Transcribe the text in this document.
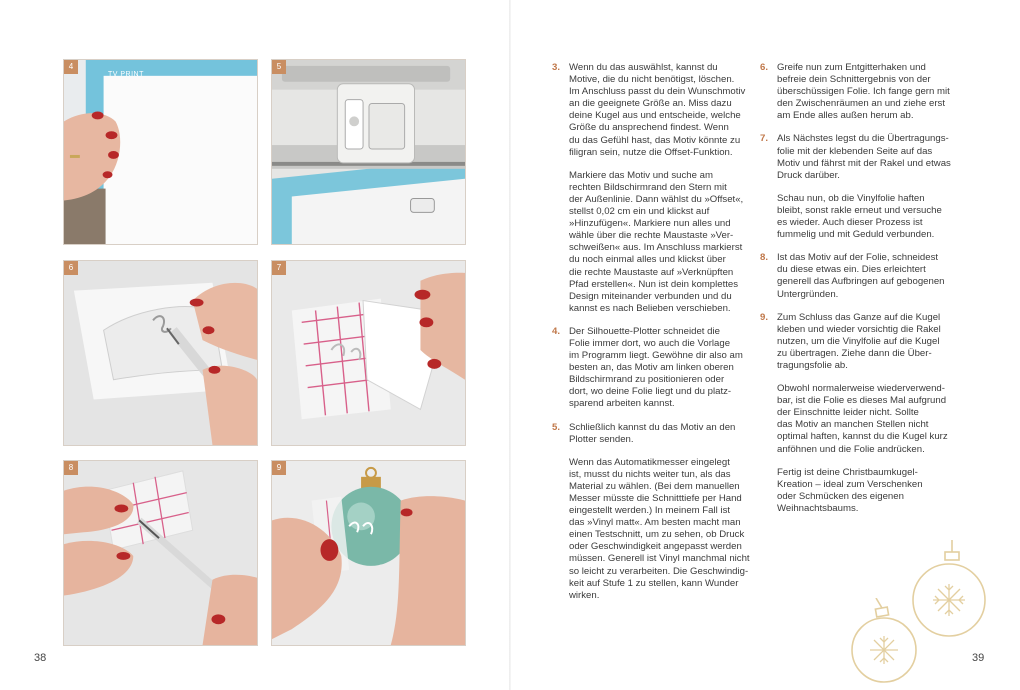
4
TV PRINT
5
6	7
8	9
38	39
3. Wenn du das auswählst, kannst du
Motive, die du nicht benötigst, löschen.
Im Anschluss passt du dein Wunschmotiv
an die geeignete Größe an. Miss dazu
deine Kugel aus und entscheide, welche
Größe du ansprechend findest. Wenn
du das Gefühl hast, das Motiv könnte zu
filigran sein, nutze die Offset-Funktion.
Markiere das Motiv und suche am
rechten Bildschirmrand den Stern mit
der Außenlinie. Dann wählst du »Offset«,
stellst 0,02 cm ein und klickst auf
»Hinzufügen«. Markiere nun alles und
wähle über die rechte Maustaste »Ver-
schweißen« aus. Im Anschluss markierst
du noch einmal alles und klickst über
die rechte Maustaste auf »Verknüpften
Pfad erstellen«. Nun ist dein komplettes
Design miteinander verbunden und du
kannst es nach Belieben verschieben.
4. Der Silhouette-Plotter schneidet die
Folie immer dort, wo auch die Vorlage
im Programm liegt. Gewöhne dir also am
besten an, das Motiv am linken oberen
Bildschirmrand zu positionieren oder
dort, wo deine Folie liegt und du platz-
sparend arbeiten kannst.
5. Schließlich kannst du das Motiv an den
Plotter senden.
Wenn das Automatikmesser eingelegt
ist, musst du nichts weiter tun, als das
Material zu wählen. (Bei dem manuellen
Messer müsste die Schnitttiefe per Hand
eingestellt werden.) In meinem Fall ist
das »Vinyl matt«. Am besten macht man
einen Testschnitt, um zu sehen, ob Druck
oder Geschwindigkeit angepasst werden
müssen. Generell ist Vinyl manchmal nicht
so leicht zu verarbeiten. Die Geschwindig-
keit auf Stufe 1 zu stellen, kann Wunder
wirken.
6. Greife nun zum Entgitterhaken und
befreie dein Schnittergebnis von der
überschüssigen Folie. Ich fange gern mit
den Zwischenräumen an und ziehe erst
am Ende alles außen herum ab.
7. Als Nächstes legst du die Übertragungs-
folie mit der klebenden Seite auf das
Motiv und fährst mit der Rakel und etwas
Druck darüber.
Schau nun, ob die Vinylfolie haften
bleibt, sonst rakle erneut und versuche
es wieder. Auch dieser Prozess ist
fummelig und mit Geduld verbunden.
8. Ist das Motiv auf der Folie, schneidest
du diese etwas ein. Dies erleichtert
generell das Aufbringen auf gebogenen
Untergründen.
9. Zum Schluss das Ganze auf die Kugel
kleben und wieder vorsichtig die Rakel
nutzen, um die Vinylfolie auf die Kugel
zu übertragen. Ziehe dann die Über-
tragungsfolie ab.
Obwohl normalerweise wiederverwend-
bar, ist die Folie es dieses Mal aufgrund
der Einschnitte leider nicht. Sollte
das Motiv an manchen Stellen nicht
optimal haften, kannst du die Kugel kurz
anföhnen und die Folie andrücken.
Fertig ist deine Christbaumkugel-
Kreation – ideal zum Verschenken
oder Schmücken des eigenen
Weihnachtsbaums.
